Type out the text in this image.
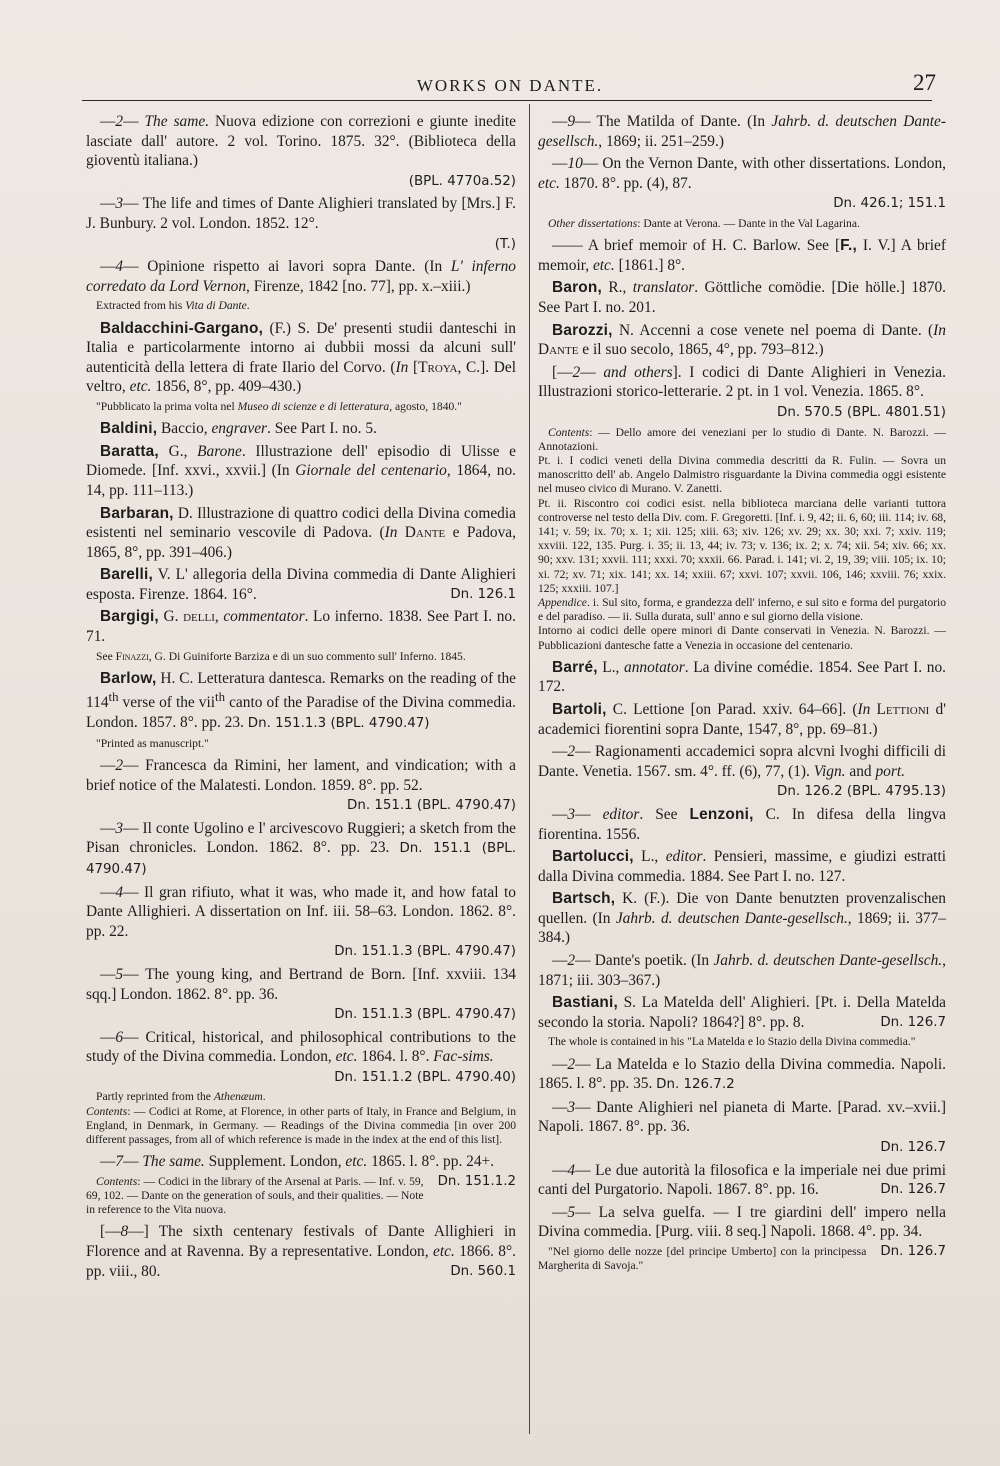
WORKS ON DANTE.	27

—2— The same. Nuova edizione con correzioni e giunte inedite lasciate dall' autore. 2 vol. Torino. 1875. 32°. (Biblioteca della gioventù italiana.)
(BPL. 4770a.52)

—3— The life and times of Dante Alighieri translated by [Mrs.] F. J. Bunbury. 2 vol. London. 1852. 12°.
(T.)

—4— Opinione rispetto ai lavori sopra Dante. (In L' inferno corredato da Lord Vernon, Firenze, 1842 [no. 77], pp. x.–xiii.)

Extracted from his Vita di Dante.

Baldacchini-Gargano, (F.) S. De' presenti studii danteschi in Italia e particolarmente intorno ai dubbii mossi da alcuni sull' autenticità della lettera di frate Ilario del Corvo. (In [Troya, C.]. Del veltro, etc. 1856, 8°, pp. 409–430.)

"Pubblicato la prima volta nel Museo di scienze e di letteratura, agosto, 1840."

Baldini, Baccio, engraver. See Part I. no. 5.

Baratta, G., Barone. Illustrazione dell' episodio di Ulisse e Diomede. [Inf. xxvi., xxvii.] (In Giornale del centenario, 1864, no. 14, pp. 111–113.)

Barbaran, D. Illustrazione di quattro codici della Divina comedia esistenti nel seminario vescovile di Padova. (In Dante e Padova, 1865, 8°, pp. 391–406.)

Barelli, V. L' allegoria della Divina commedia di Dante Alighieri esposta. Firenze. 1864. 16°.	Dn. 126.1

Bargigi, G. delli, commentator. Lo inferno. 1838. See Part I. no. 71.

See Finazzi, G. Di Guiniforte Barziza e di un suo commento sull' Inferno. 1845.

Barlow, H. C. Letteratura dantesca. Remarks on the reading of the 114th verse of the vii$^{th}$ canto of the Paradise of the Divina commedia. London. 1857. 8°. pp. 23. Dn. 151.1.3 (BPL. 4790.47)

"Printed as manuscript."

—2— Francesca da Rimini, her lament, and vindication; with a brief notice of the Malatesti. London. 1859. 8°. pp. 52.
Dn. 151.1 (BPL. 4790.47)

—3— Il conte Ugolino e l' arcivescovo Ruggieri; a sketch from the Pisan chronicles. London. 1862. 8°. pp. 23. Dn. 151.1 (BPL. 4790.47)

—4— Il gran rifiuto, what it was, who made it, and how fatal to Dante Allighieri. A dissertation on Inf. iii. 58–63. London. 1862. 8°. pp. 22.
Dn. 151.1.3 (BPL. 4790.47)

—5— The young king, and Bertrand de Born. [Inf. xxviii. 134 sqq.] London. 1862. 8°. pp. 36.
Dn. 151.1.3 (BPL. 4790.47)

—6— Critical, historical, and philosophical contributions to the study of the Divina commedia. London, etc. 1864. l. 8°. Fac-sims.
Dn. 151.1.2 (BPL. 4790.40)

Partly reprinted from the Athenæum.
Contents: — Codici at Rome, at Florence, in other parts of Italy, in France and Belgium, in England, in Denmark, in Germany. — Readings of the Divina commedia [in over 200 different passages, from all of which reference is made in the index at the end of this list].

—7— The same. Supplement. London, etc. 1865. l. 8°. pp. 24+.
Dn. 151.1.2

Contents: — Codici in the library of the Arsenal at Paris. — Inf. v. 59, 69, 102. — Dante on the generation of souls, and their qualities. — Note in reference to the Vita nuova.

[—8—] The sixth centenary festivals of Dante Allighieri in Florence and at Ravenna. By a representative. London, etc. 1866. 8°. pp. viii., 80.	Dn. 560.1

—9— The Matilda of Dante. (In Jahrb. d. deutschen Dante-gesellsch., 1869; ii. 251–259.)

—10— On the Vernon Dante, with other dissertations. London, etc. 1870. 8°. pp. (4), 87.
Dn. 426.1; 151.1

Other dissertations: Dante at Verona. — Dante in the Val Lagarina.

—— A brief memoir of H. C. Barlow. See [F., I. V.] A brief memoir, etc. [1861.] 8°.

Baron, R., translator. Göttliche comödie. [Die hölle.] 1870. See Part I. no. 201.

Barozzi, N. Accenni a cose venete nel poema di Dante. (In Dante e il suo secolo, 1865, 4°, pp. 793–812.)

[—2— and others]. I codici di Dante Alighieri in Venezia. Illustrazioni storico-letterarie. 2 pt. in 1 vol. Venezia. 1865. 8°.
Dn. 570.5 (BPL. 4801.51)

Contents: — Dello amore dei veneziani per lo studio di Dante. N. Barozzi. — Annotazioni.
Pt. i. I codici veneti della Divina commedia descritti da R. Fulin. — Sovra un manoscritto dell' ab. Angelo Dalmistro risguardante la Divina commedia oggi esistente nel museo civico di Murano. V. Zanetti.
Pt. ii. Riscontro coi codici esist. nella biblioteca marciana delle varianti tuttora controverse nel testo della Div. com. F. Gregoretti. [Inf. i. 9, 42; ii. 6, 60; iii. 114; iv. 68, 141; v. 59; ix. 70; x. 1; xii. 125; xiii. 63; xiv. 126; xv. 29; xx. 30; xxi. 7; xxiv. 119; xxviii. 122, 135. Purg. i. 35; ii. 13, 44; iv. 73; v. 136; ix. 2; x. 74; xii. 54; xiv. 66; xx. 90; xxv. 131; xxvii. 111; xxxi. 70; xxxii. 66. Parad. i. 141; vi. 2, 19, 39; viii. 105; ix. 10; xi. 72; xv. 71; xix. 141; xx. 14; xxiii. 67; xxvi. 107; xxvii. 106, 146; xxviii. 76; xxix. 125; xxxiii. 107.]
Appendice. i. Sul sito, forma, e grandezza dell' inferno, e sul sito e forma del purgatorio e del paradiso. — ii. Sulla durata, sull' anno e sul giorno della visione.
Intorno ai codici delle opere minori di Dante conservati in Venezia. N. Barozzi. — Pubblicazioni dantesche fatte a Venezia in occasione del centenario.

Barré, L., annotator. La divine comédie. 1854. See Part I. no. 172.

Bartoli, C. Lettione [on Parad. xxiv. 64–66]. (In Lettioni d' academici fiorentini sopra Dante, 1547, 8°, pp. 69–81.)

—2— Ragionamenti accademici sopra alcvni lvoghi difficili di Dante. Venetia. 1567. sm. 4°. ff. (6), 77, (1). Vign. and port.
Dn. 126.2 (BPL. 4795.13)

—3— editor. See Lenzoni, C. In difesa della lingva fiorentina. 1556.

Bartolucci, L., editor. Pensieri, massime, e giudizi estratti dalla Divina commedia. 1884. See Part I. no. 127.

Bartsch, K. (F.). Die von Dante benutzten provenzalischen quellen. (In Jahrb. d. deutschen Dante-gesellsch., 1869; ii. 377–384.)

—2— Dante's poetik. (In Jahrb. d. deutschen Dante-gesellsch., 1871; iii. 303–367.)

Bastiani, S. La Matelda dell' Alighieri. [Pt. i. Della Matelda secondo la storia. Napoli? 1864?] 8°. pp. 8.	Dn. 126.7

The whole is contained in his "La Matelda e lo Stazio della Divina commedia."

—2— La Matelda e lo Stazio della Divina commedia. Napoli. 1865. l. 8°. pp. 35. Dn. 126.7.2

—3— Dante Alighieri nel pianeta di Marte. [Parad. xv.–xvii.] Napoli. 1867. 8°. pp. 36.
Dn. 126.7

—4— Le due autorità la filosofica e la imperiale nei due primi canti del Purgatorio. Napoli. 1867. 8°. pp. 16.	Dn. 126.7

—5— La selva guelfa. — I tre giardini dell' impero nella Divina commedia. [Purg. viii. 8 seq.] Napoli. 1868. 4°. pp. 34.
Dn. 126.7

"Nel giorno delle nozze [del principe Umberto] con la principessa Margherita di Savoja."
